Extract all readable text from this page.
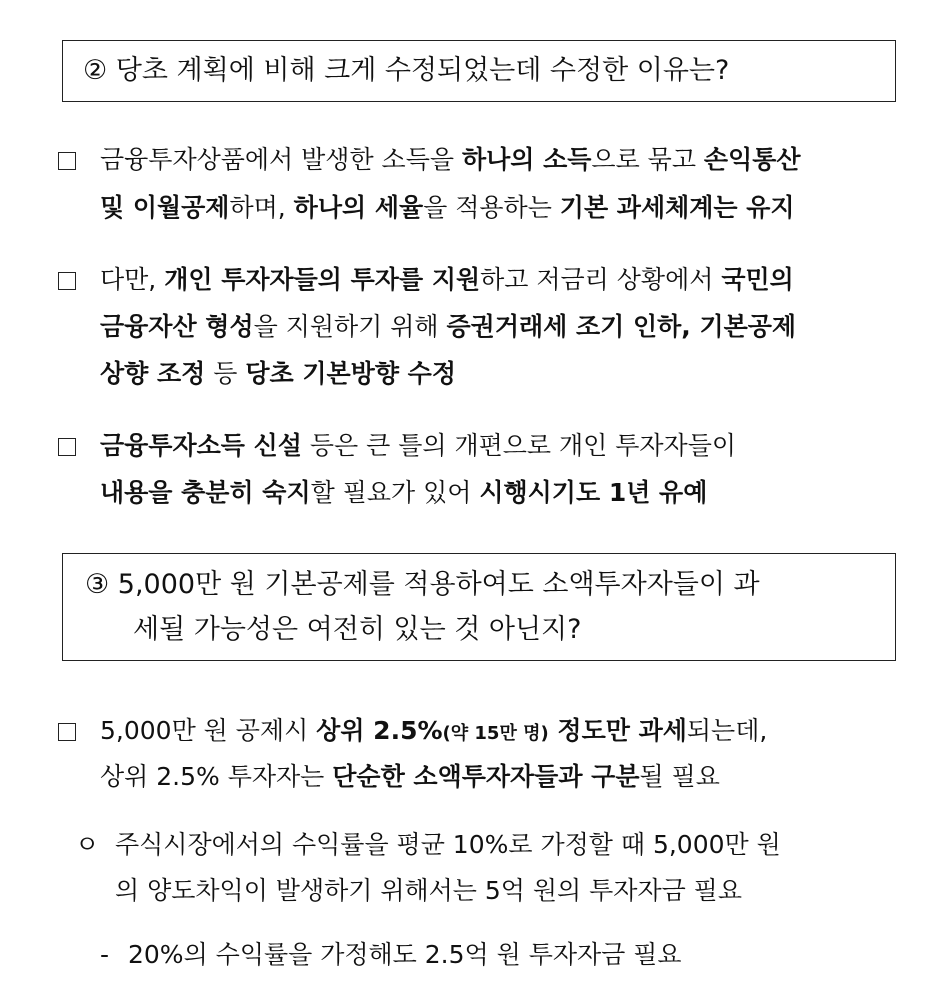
② 당초 계획에 비해 크게 수정되었는데 수정한 이유는?
금융투자상품에서 발생한 소득을 하나의 소득으로 묶고 손익통산
및 이월공제하며, 하나의 세율을 적용하는 기본 과세체계는 유지
다만, 개인 투자자들의 투자를 지원하고 저금리 상황에서 국민의
금융자산 형성을 지원하기 위해 증권거래세 조기 인하, 기본공제
상향 조정 등 당초 기본방향 수정
금융투자소득 신설 등은 큰 틀의 개편으로 개인 투자자들이
내용을 충분히 숙지할 필요가 있어 시행시기도 1년 유예
③ 5,000만 원 기본공제를 적용하여도 소액투자자들이 과
세될 가능성은 여전히 있는 것 아닌지?
5,000만 원 공제시 상위 2.5%(약 15만 명) 정도만 과세되는데,
상위 2.5% 투자자는 단순한 소액투자자들과 구분될 필요
ㅇ 주식시장에서의 수익률을 평균 10%로 가정할 때 5,000만 원
의 양도차익이 발생하기 위해서는 5억 원의 투자자금 필요
- 20%의 수익률을 가정해도 2.5억 원 투자자금 필요
